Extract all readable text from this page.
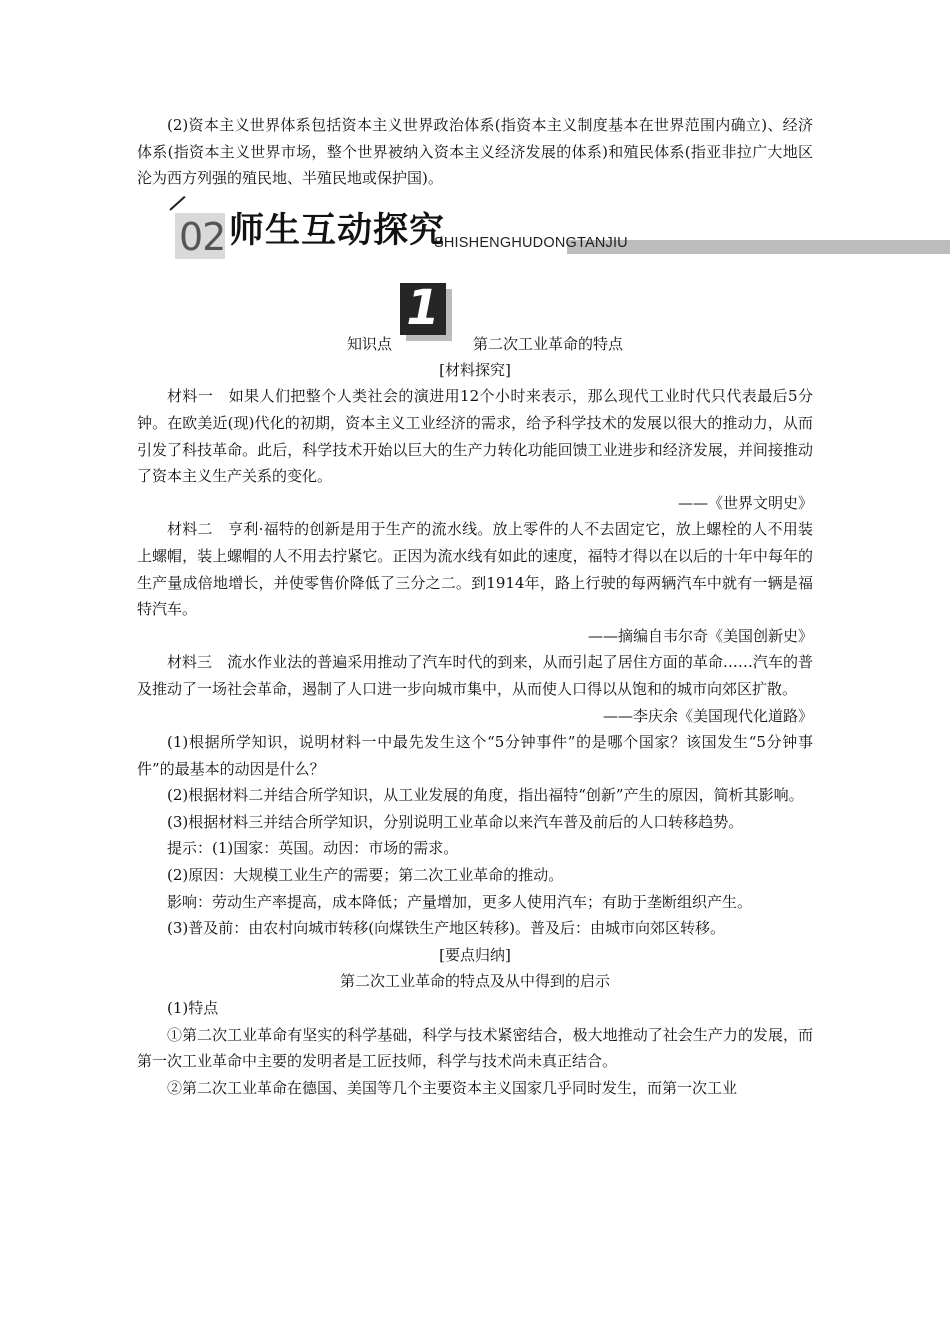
(2)资本主义世界体系包括资本主义世界政治体系(指资本主义制度基本在世界范围内确立)、经济体系(指资本主义世界市场，整个世界被纳入资本主义经济发展的体系)和殖民体系(指亚非拉广大地区沦为西方列强的殖民地、半殖民地或保护国)。

02 师生互动探究
SHISHENGHUDONGTANJIU
知识点
1
第二次工业革命的特点

[材料探究]

材料一　如果人们把整个人类社会的演进用12个小时来表示，那么现代工业时代只代表最后5分钟。在欧美近(现)代化的初期，资本主义工业经济的需求，给予科学技术的发展以很大的推动力，从而引发了科技革命。此后，科学技术开始以巨大的生产力转化功能回馈工业进步和经济发展，并间接推动了资本主义生产关系的变化。

——《世界文明史》

材料二　亨利·福特的创新是用于生产的流水线。放上零件的人不去固定它，放上螺栓的人不用装上螺帽，装上螺帽的人不用去拧紧它。正因为流水线有如此的速度，福特才得以在以后的十年中每年的生产量成倍地增长，并使零售价降低了三分之二。到1914年，路上行驶的每两辆汽车中就有一辆是福特汽车。

——摘编自韦尔奇《美国创新史》

材料三　流水作业法的普遍采用推动了汽车时代的到来，从而引起了居住方面的革命……汽车的普及推动了一场社会革命，遏制了人口进一步向城市集中，从而使人口得以从饱和的城市向郊区扩散。

——李庆余《美国现代化道路》

(1)根据所学知识，说明材料一中最先发生这个“5分钟事件”的是哪个国家？该国发生“5分钟事件”的最基本的动因是什么？

(2)根据材料二并结合所学知识，从工业发展的角度，指出福特“创新”产生的原因，简析其影响。

(3)根据材料三并结合所学知识，分别说明工业革命以来汽车普及前后的人口转移趋势。

提示：(1)国家：英国。动因：市场的需求。

(2)原因：大规模工业生产的需要；第二次工业革命的推动。

影响：劳动生产率提高，成本降低；产量增加，更多人使用汽车；有助于垄断组织产生。

(3)普及前：由农村向城市转移(向煤铁生产地区转移)。普及后：由城市向郊区转移。

[要点归纳]

第二次工业革命的特点及从中得到的启示

(1)特点

①第二次工业革命有坚实的科学基础，科学与技术紧密结合，极大地推动了社会生产力的发展，而第一次工业革命中主要的发明者是工匠技师，科学与技术尚未真正结合。

②第二次工业革命在德国、美国等几个主要资本主义国家几乎同时发生，而第一次工业
